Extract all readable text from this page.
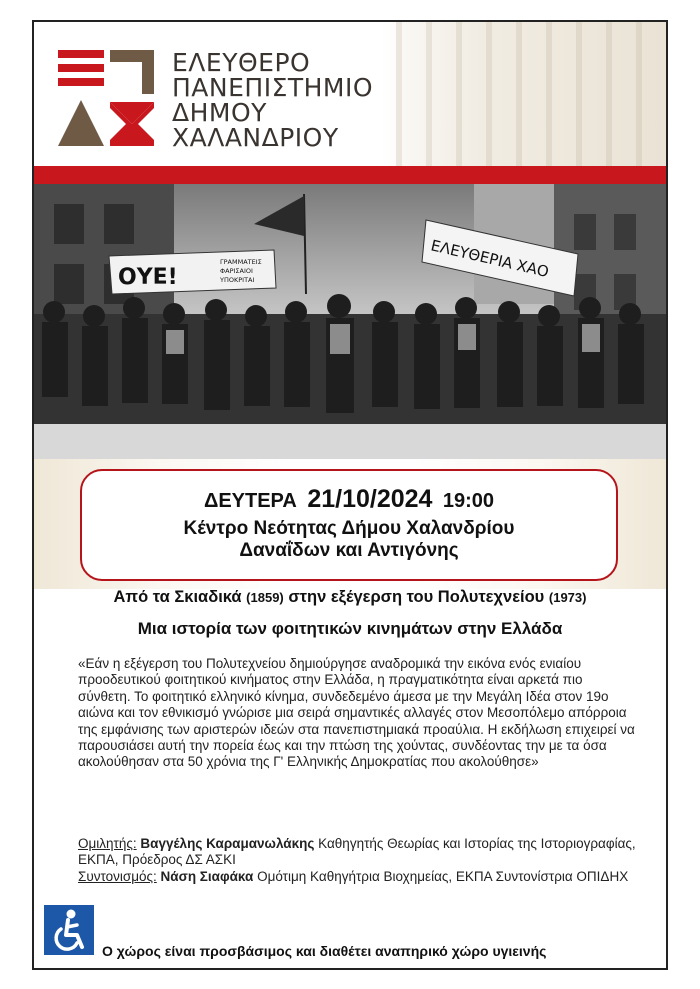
ΕΛΕΥΘΕΡΟ
ΠΑΝΕΠΙΣΤΗΜΙΟ
ΔΗΜΟΥ
ΧΑΛΑΝΔΡΙΟΥ
ΟΥΕ!
ΓΡΑΜΜΑΤΕΙΣ
ΦΑΡΙΣΑΙΟΙ
ΥΠΟΚΡΙΤΑΙ	ΕΛΕΥΘΕΡΙΑ ΧΑΟ
ΔΕΥΤΕΡΑ 21/10/2024 19:00
Κέντρο Νεότητας Δήμου Χαλανδρίου
Δαναΐδων και Αντιγόνης
Από τα Σκιαδικά (1859) στην εξέγερση του Πολυτεχνείου (1973)
Μια ιστορία των φοιτητικών κινημάτων στην Ελλάδα
«Εάν η εξέγερση του Πολυτεχνείου δημιούργησε αναδρομικά την εικόνα ενός ενιαίου προοδευτικού φοιτητικού κινήματος στην Ελλάδα, η πραγματικότητα είναι αρκετά πιο σύνθετη. Το φοιτητικό ελληνικό κίνημα, συνδεδεμένο άμεσα με την Μεγάλη Ιδέα στον 19ο αιώνα και τον εθνικισμό γνώρισε μια σειρά σημαντικές αλλαγές στον Μεσοπόλεμο απόρροια της εμφάνισης των αριστερών ιδεών στα πανεπιστημιακά προαύλια. Η εκδήλωση επιχειρεί να παρουσιάσει αυτή την πορεία έως και την πτώση της χούντας, συνδέοντας την με τα όσα ακολούθησαν στα 50 χρόνια της Γ' Ελληνικής Δημοκρατίας που ακολούθησε»
Ομιλητής: Βαγγέλης Καραμανωλάκης Καθηγητής Θεωρίας και Ιστορίας της Ιστοριογραφίας, ΕΚΠΑ, Πρόεδρος ΔΣ ΑΣΚΙ
Συντονισμός: Νάση Σιαφάκα Ομότιμη Καθηγήτρια Βιοχημείας, ΕΚΠΑ Συντονίστρια ΟΠΙΔΗΧ
Ο χώρος είναι προσβάσιμος και διαθέτει αναπηρικό χώρο υγιεινής
